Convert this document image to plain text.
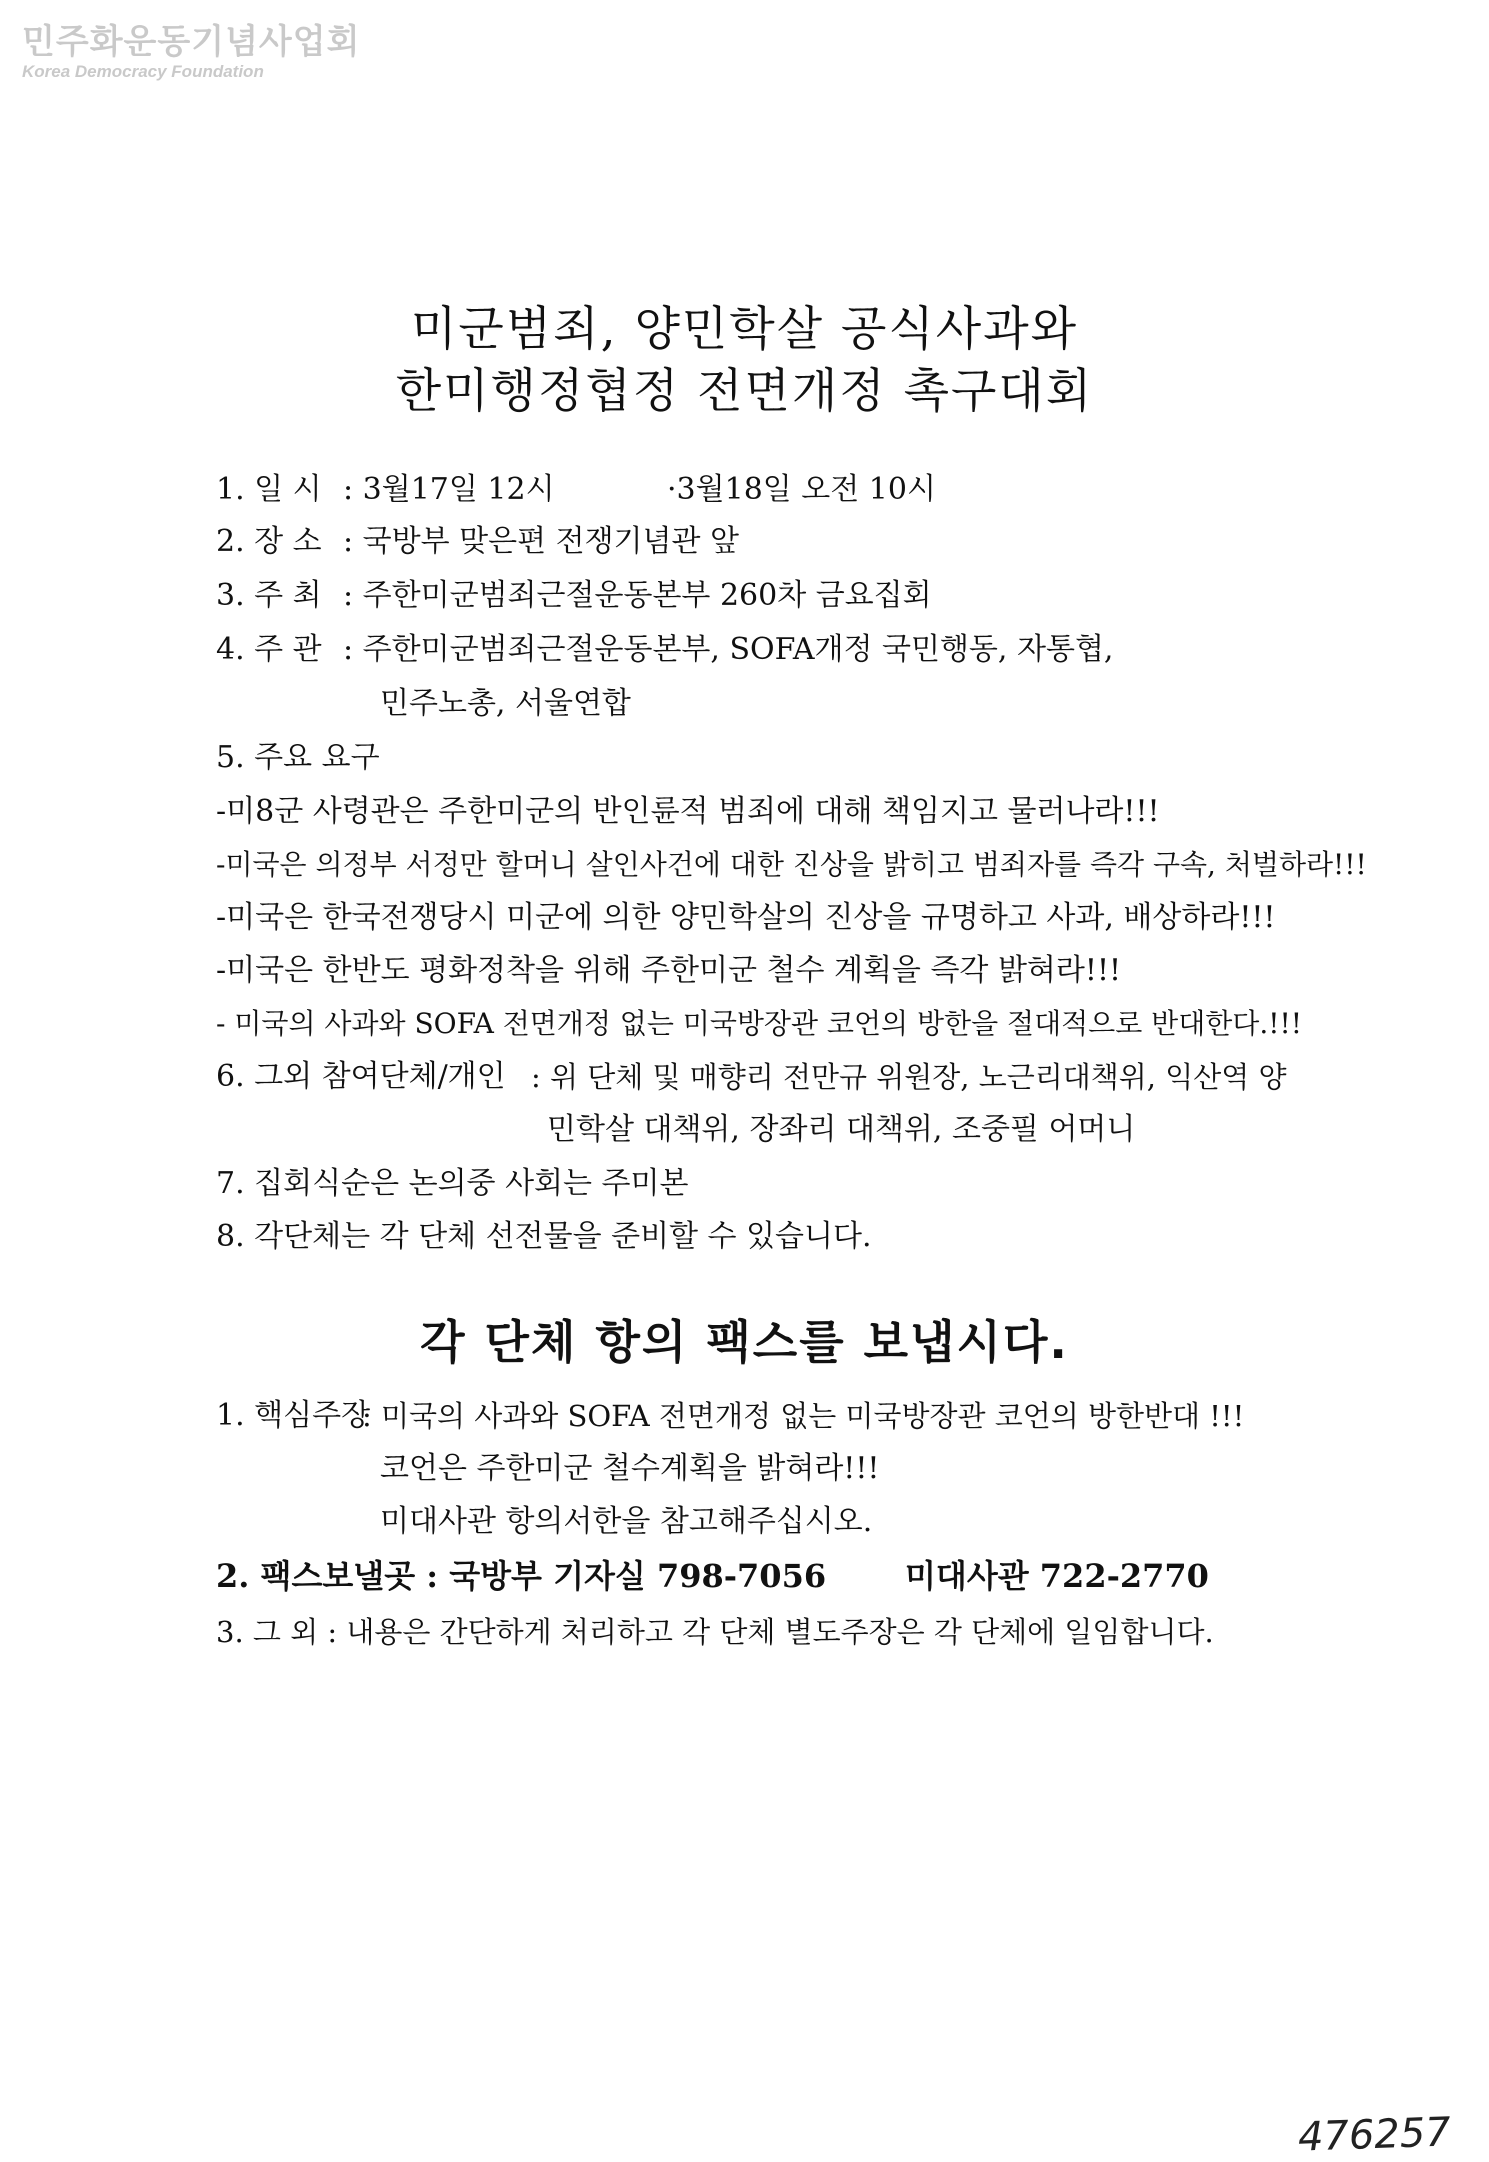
민주화운동기념사업회
Korea Democracy Foundation
미군범죄, 양민학살 공식사과와
한미행정협정 전면개정 촉구대회
1. 일 시 : 3월17일 12시	·3월18일 오전 10시
2. 장 소 : 국방부 맞은편 전쟁기념관 앞
3. 주 최 : 주한미군범죄근절운동본부 260차 금요집회
4. 주 관 : 주한미군범죄근절운동본부, SOFA개정 국민행동, 자통협,
민주노총, 서울연합
5. 주요 요구
-미8군 사령관은 주한미군의 반인륜적 범죄에 대해 책임지고 물러나라!!!
-미국은 의정부 서정만 할머니 살인사건에 대한 진상을 밝히고 범죄자를 즉각 구속, 처벌하라!!!
-미국은 한국전쟁당시 미군에 의한 양민학살의 진상을 규명하고 사과, 배상하라!!!
-미국은 한반도 평화정착을 위해 주한미군 철수 계획을 즉각 밝혀라!!!
- 미국의 사과와 SOFA 전면개정 없는 미국방장관 코언의 방한을 절대적으로 반대한다.!!!
6. 그외 참여단체/개인 : 위 단체 및 매향리 전만규 위원장, 노근리대책위, 익산역 양
민학살 대책위, 장좌리 대책위, 조중필 어머니
7. 집회식순은 논의중 사회는 주미본
8. 각단체는 각 단체 선전물을 준비할 수 있습니다.
각 단체 항의 팩스를 보냅시다.
1. 핵심주장
: 미국의 사과와 SOFA 전면개정 없는 미국방장관 코언의 방한반대 !!!
코언은 주한미군 철수계획을 밝혀라!!!
미대사관 항의서한을 참고해주십시오.
2. 팩스보낼곳 : 국방부 기자실 798-7056 미대사관 722-2770
3. 그 외 : 내용은 간단하게 처리하고 각 단체 별도주장은 각 단체에 일임합니다.
476257
